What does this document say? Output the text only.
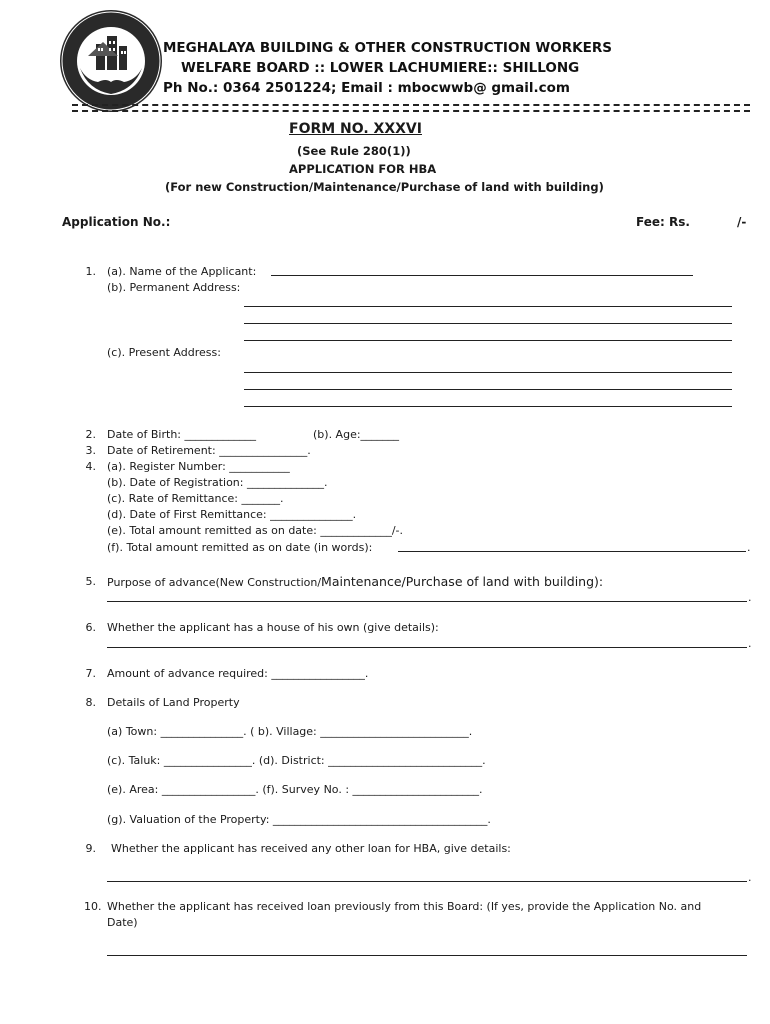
MEGHALAYA BUILDING & OTHER CONSTRUCTION WORKERS
WELFARE BOARD :: LOWER LACHUMIERE:: SHILLONG
Ph No.: 0364 2501224; Email : mbocwwb@ gmail.com
FORM NO. XXXVI
(See Rule 280(1))
APPLICATION FOR HBA
(For new Construction/Maintenance/Purchase of land with building)
Application No.:	Fee: Rs.	/-
1. (a). Name of the Applicant:
(b). Permanent Address:
(c). Present Address:
2. Date of Birth: _____________	(b). Age:_______
3. Date of Retirement: ________________.
4. (a). Register Number: ___________
(b). Date of Registration: ______________.
(c). Rate of Remittance: _______.
(d). Date of First Remittance: _______________.
(e). Total amount remitted as on date: _____________/-.
(f). Total amount remitted as on date (in words):	.
5. Purpose of advance(New Construction/Maintenance/Purchase of land with building):
.
6. Whether the applicant has a house of his own (give details):
.
7. Amount of advance required: _________________.
8. Details of Land Property
(a) Town: _______________. ( b). Village: ___________________________.
(c). Taluk: ________________. (d). District: ____________________________.
(e). Area: _________________. (f). Survey No. : _______________________.
(g). Valuation of the Property: _______________________________________.
9. Whether the applicant has received any other loan for HBA, give details:
.
10. Whether the applicant has received loan previously from this Board: (If yes, provide the Application No. and
Date)
